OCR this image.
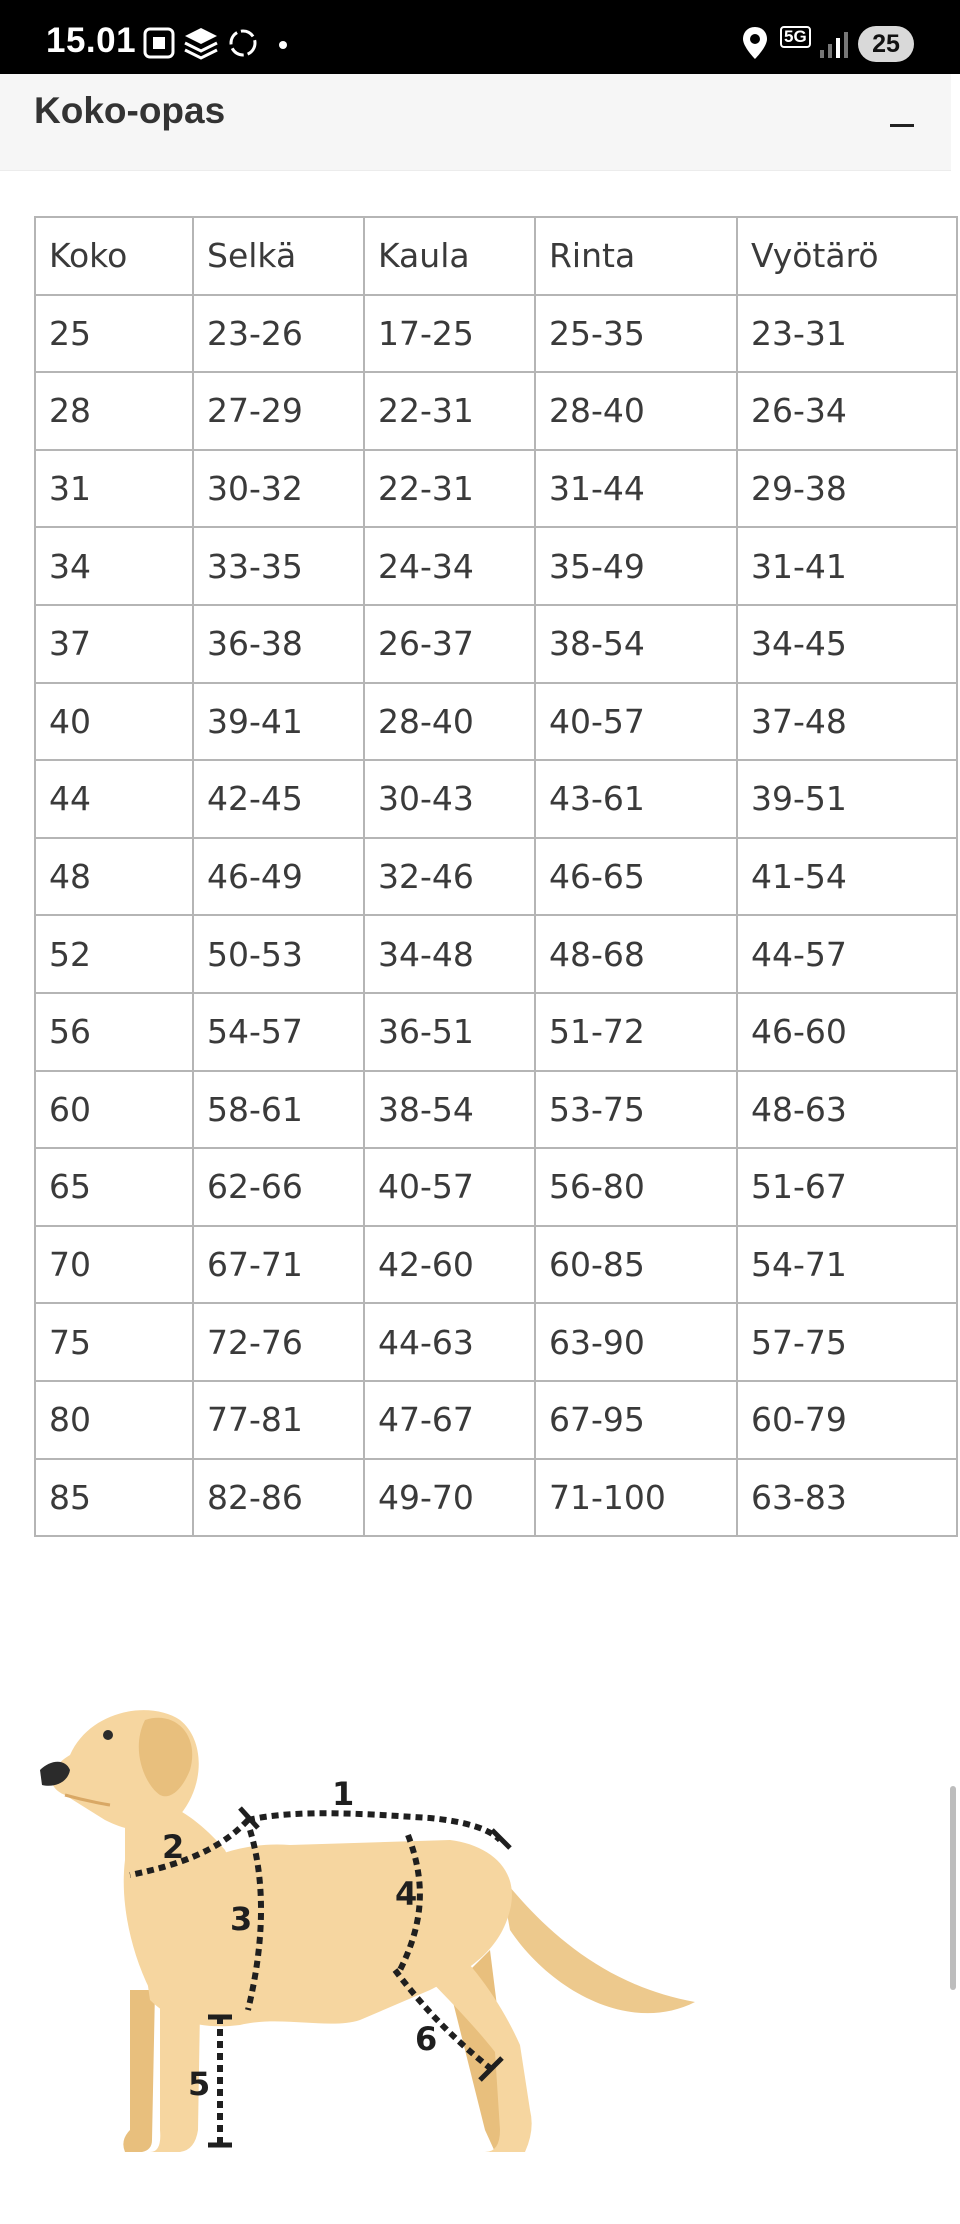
15.01	5G	25
Koko-opas
Koko	Selkä	Kaula	Rinta	Vyötärö
25	23-26	17-25	25-35	23-31
28	27-29	22-31	28-40	26-34
31	30-32	22-31	31-44	29-38
34	33-35	24-34	35-49	31-41
37	36-38	26-37	38-54	34-45
40	39-41	28-40	40-57	37-48
44	42-45	30-43	43-61	39-51
48	46-49	32-46	46-65	41-54
52	50-53	34-48	48-68	44-57
56	54-57	36-51	51-72	46-60
60	58-61	38-54	53-75	48-63
65	62-66	40-57	56-80	51-67
70	67-71	42-60	60-85	54-71
75	72-76	44-63	63-90	57-75
80	77-81	47-67	67-95	60-79
85	82-86	49-70	71-100	63-83
1
2
3
4
5
6
